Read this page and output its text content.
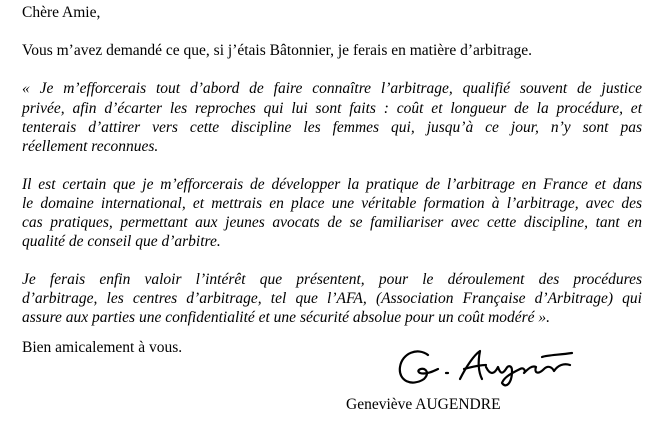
Chère Amie,

Vous m’avez demandé ce que, si j’étais Bâtonnier, je ferais en matière d’arbitrage.

« Je m’efforcerais tout d’abord de faire connaître l’arbitrage, qualifié souvent de justice

privée, afin d’écarter les reproches qui lui sont faits : coût et longueur de la procédure, et

tenterais d’attirer vers cette discipline les femmes qui, jusqu’à ce jour, n’y sont pas

réellement reconnues.

Il est certain que je m’efforcerais de développer la pratique de l’arbitrage en France et dans

le domaine international, et mettrais en place une véritable formation à l’arbitrage, avec des

cas pratiques, permettant aux jeunes avocats de se familiariser avec cette discipline, tant en

qualité de conseil que d’arbitre.

Je ferais enfin valoir l’intérêt que présentent, pour le déroulement des procédures

d’arbitrage, les centres d’arbitrage, tel que l’AFA, (Association Française d’Arbitrage) qui

assure aux parties une confidentialité et une sécurité absolue pour un coût modéré ».

Bien amicalement à vous.

Geneviève AUGENDRE
